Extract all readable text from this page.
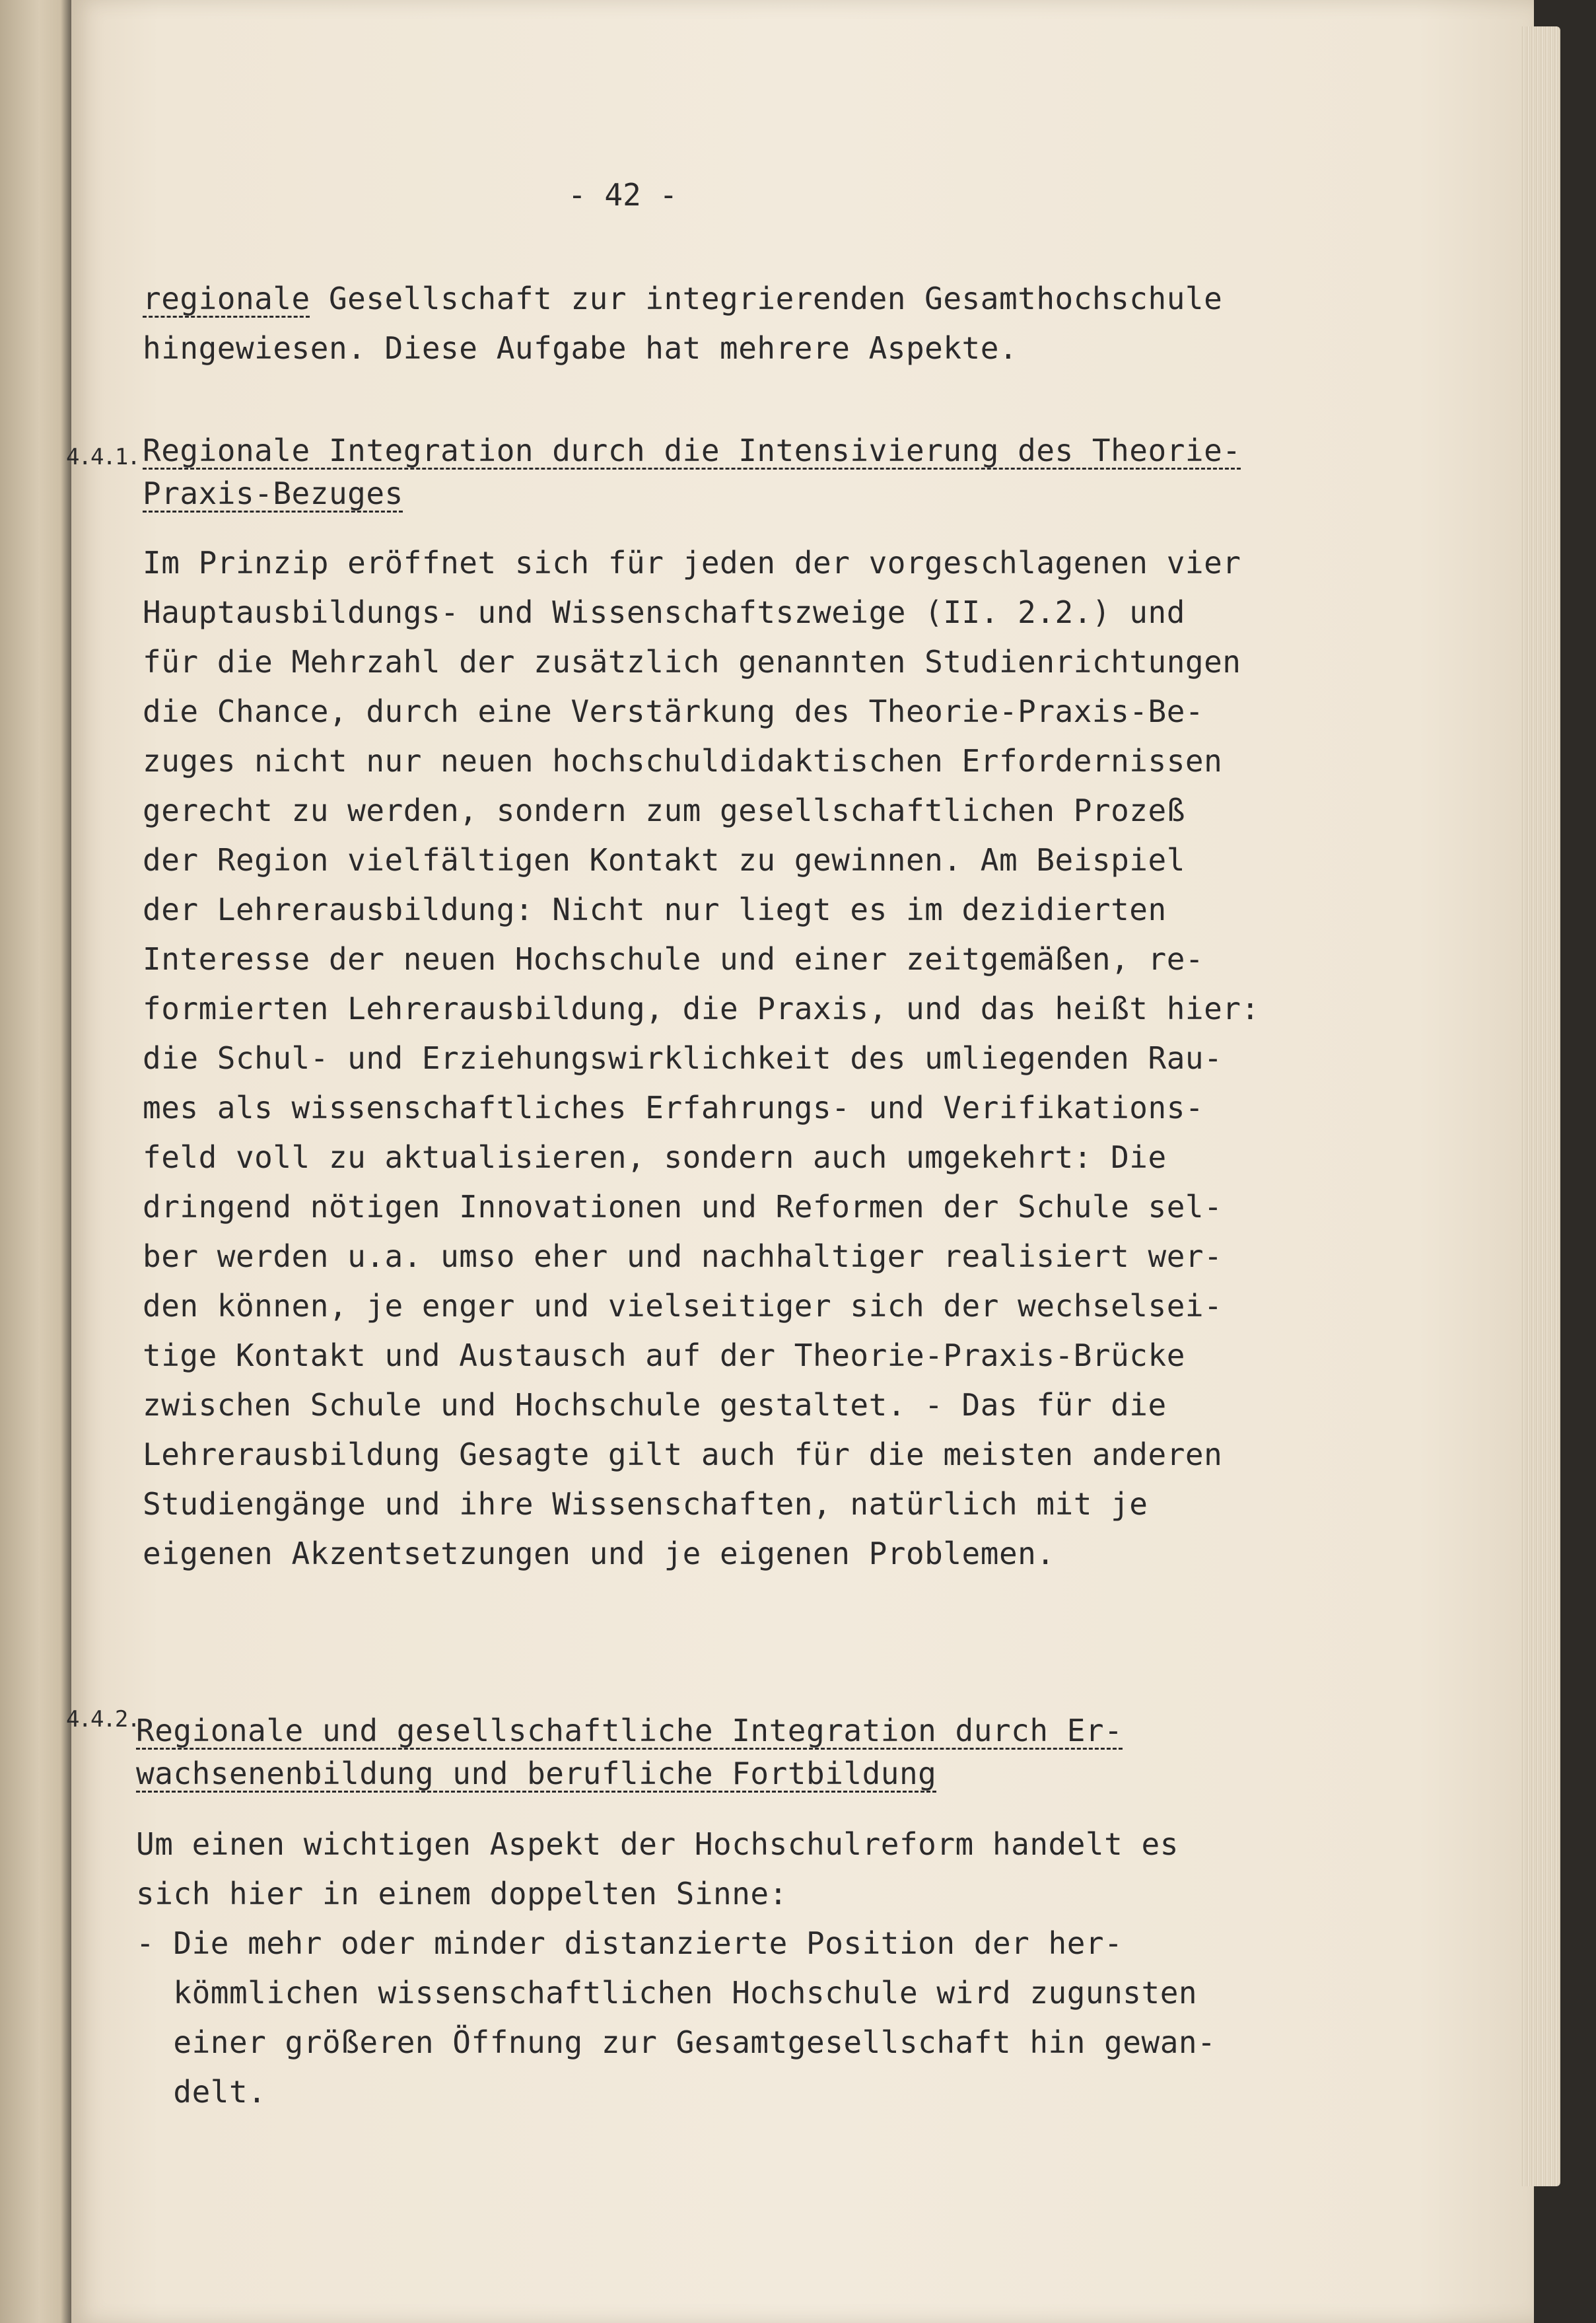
- 42 -
regionale Gesellschaft zur integrierenden Gesamthochschule
hingewiesen. Diese Aufgabe hat mehrere Aspekte.
4.4.1. Regionale Integration durch die Intensivierung des Theorie-
Praxis-Bezuges
Im Prinzip eröffnet sich für jeden der vorgeschlagenen vier
Hauptausbildungs- und Wissenschaftszweige (II. 2.2.) und
für die Mehrzahl der zusätzlich genannten Studienrichtungen
die Chance, durch eine Verstärkung des Theorie-Praxis-Be-
zuges nicht nur neuen hochschuldidaktischen Erfordernissen
gerecht zu werden, sondern zum gesellschaftlichen Prozeß
der Region vielfältigen Kontakt zu gewinnen. Am Beispiel
der Lehrerausbildung: Nicht nur liegt es im dezidierten
Interesse der neuen Hochschule und einer zeitgemäßen, re-
formierten Lehrerausbildung, die Praxis, und das heißt hier:
die Schul- und Erziehungswirklichkeit des umliegenden Rau-
mes als wissenschaftliches Erfahrungs- und Verifikations-
feld voll zu aktualisieren, sondern auch umgekehrt: Die
dringend nötigen Innovationen und Reformen der Schule sel-
ber werden u.a. umso eher und nachhaltiger realisiert wer-
den können, je enger und vielseitiger sich der wechselsei-
tige Kontakt und Austausch auf der Theorie-Praxis-Brücke
zwischen Schule und Hochschule gestaltet. - Das für die
Lehrerausbildung Gesagte gilt auch für die meisten anderen
Studiengänge und ihre Wissenschaften, natürlich mit je
eigenen Akzentsetzungen und je eigenen Problemen.
4.4.2.
Regionale und gesellschaftliche Integration durch Er-
wachsenenbildung und berufliche Fortbildung
Um einen wichtigen Aspekt der Hochschulreform handelt es
sich hier in einem doppelten Sinne:
- Die mehr oder minder distanzierte Position der her-
kömmlichen wissenschaftlichen Hochschule wird zugunsten
einer größeren Öffnung zur Gesamtgesellschaft hin gewan-
delt.
